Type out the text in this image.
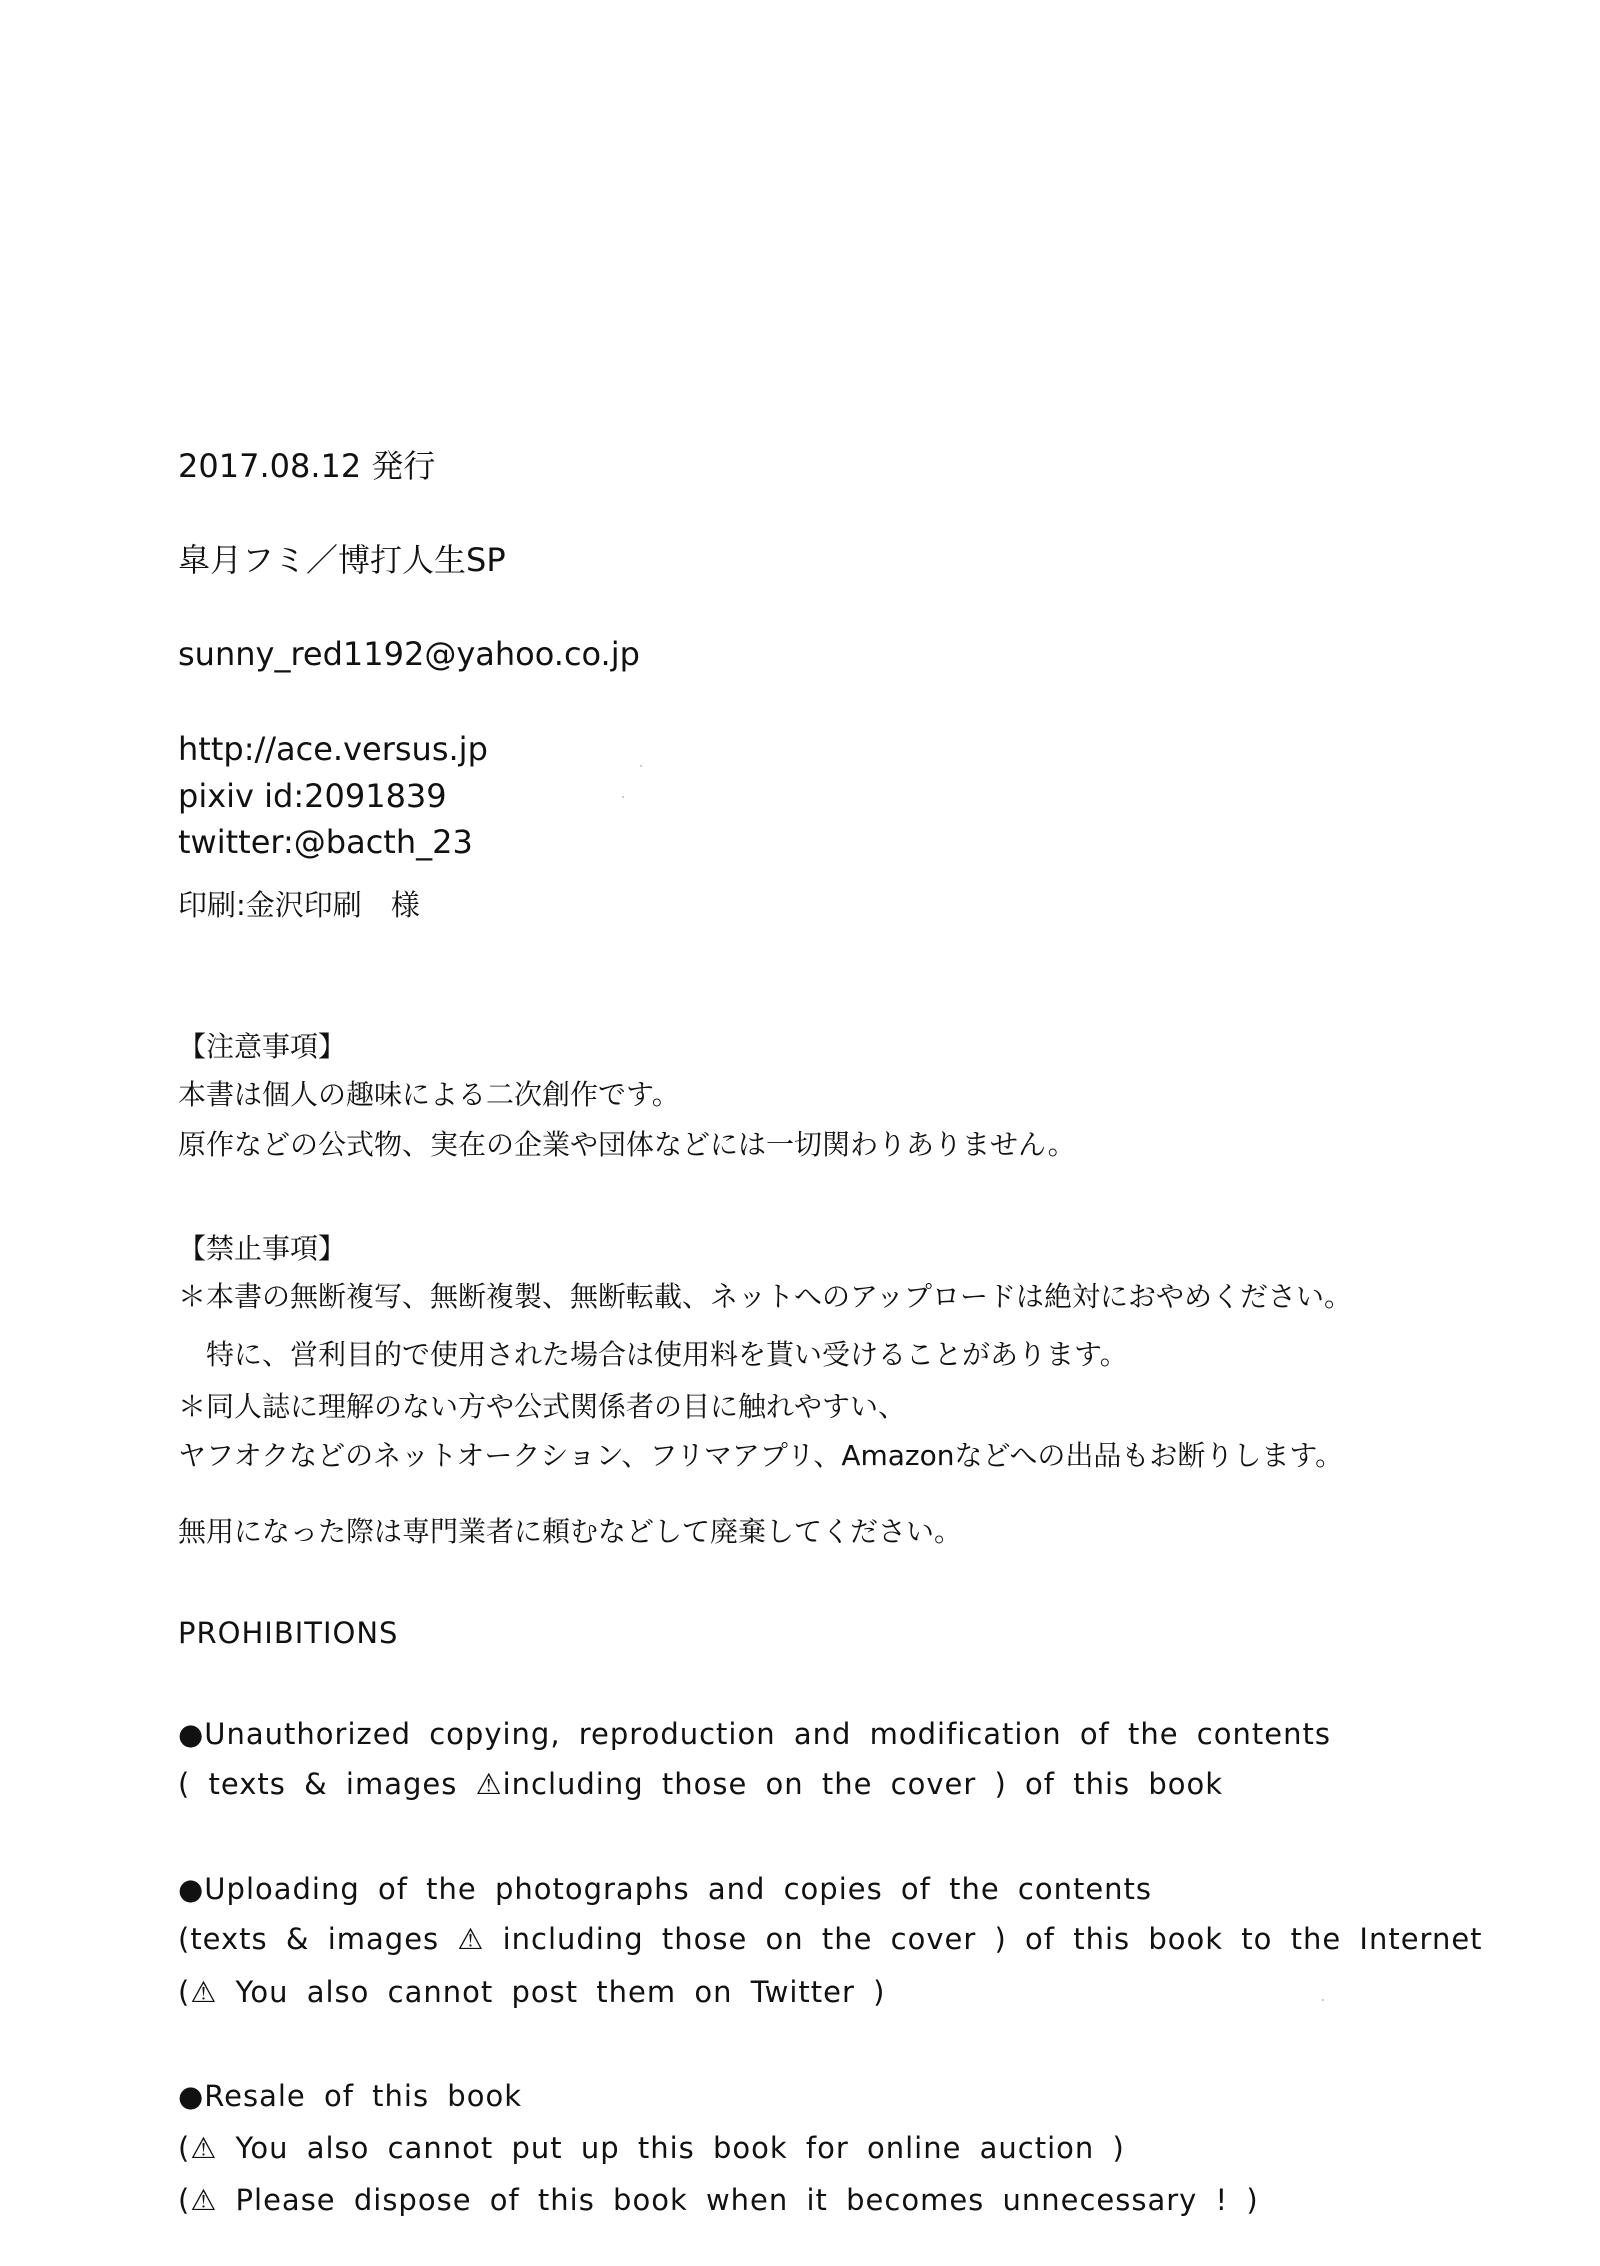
2017.08.12 発行
皐月フミ／博打人生SP
sunny_red1192@yahoo.co.jp
http://ace.versus.jp
pixiv id:2091839
twitter:@bacth_23
印刷:金沢印刷　様
【注意事項】
本書は個人の趣味による二次創作です。
原作などの公式物、実在の企業や団体などには一切関わりありません。
【禁止事項】
＊本書の無断複写、無断複製、無断転載、ネットへのアップロードは絶対におやめください。
　特に、営利目的で使用された場合は使用料を貰い受けることがあります。
＊同人誌に理解のない方や公式関係者の目に触れやすい、
ヤフオクなどのネットオークション、フリマアプリ、Amazonなどへの出品もお断りします。
無用になった際は専門業者に頼むなどして廃棄してください。
PROHIBITIONS
●Unauthorized copying, reproduction and modification of the contents
( texts & images ⚠including those on the cover ) of this book
●Uploading of the photographs and copies of the contents
(texts & images ⚠ including those on the cover ) of this book to the Internet
(⚠ You also cannot post them on Twitter )
●Resale of this book
(⚠ You also cannot put up this book for online auction )
(⚠ Please dispose of this book when it becomes unnecessary ! )
